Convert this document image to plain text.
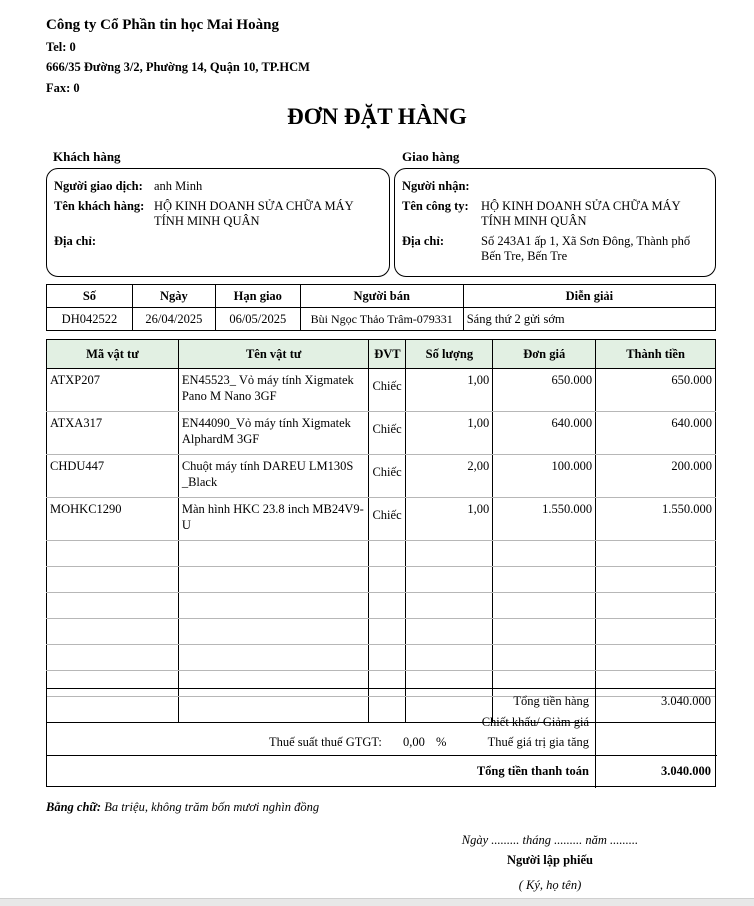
Công ty Cổ Phần tin học Mai Hoàng
Tel: 0
666/35 Đường 3/2, Phường 14, Quận 10, TP.HCM
Fax: 0
ĐƠN ĐẶT HÀNG
Khách hàng
Người giao dịch: anh Minh
Tên khách hàng: HỘ KINH DOANH SỬA CHỮA MÁY TÍNH MINH QUÂN
Địa chỉ:
Giao hàng
Người nhận:
Tên công ty: HỘ KINH DOANH SỬA CHỮA MÁY TÍNH MINH QUÂN
Địa chỉ:	Số 243A1 ấp 1, Xã Sơn Đông, Thành phố Bến Tre, Bến Tre
Số	Ngày	Hạn giao	Người bán	Diễn giải
DH042522	26/04/2025	06/05/2025	Bùi Ngọc Thảo Trâm-079331	Sáng thứ 2 gửi sớm
Mã vật tư	Tên vật tư	ĐVT	Số lượng	Đơn giá	Thành tiền
ATXP207	EN45523_ Vỏ máy tính Xigmatek Pano M Nano 3GF	Chiếc	1,00	650.000	650.000
ATXA317	EN44090_Vỏ máy tính Xigmatek AlphardM 3GF	Chiếc	1,00	640.000	640.000
CHDU447	Chuột máy tính DAREU LM130S _Black	Chiếc	2,00	100.000	200.000
MOHKC1290	Màn hình HKC 23.8 inch MB24V9-U	Chiếc	1,00	1.550.000	1.550.000

Tổng tiền hàng	3.040.000
Chiết khấu/ Giảm giá
Thuế suất thuế GTGT: 0,00 %	Thuế giá trị gia tăng
Tổng tiền thanh toán	3.040.000
Bằng chữ: Ba triệu, không trăm bốn mươi nghìn đồng
Ngày ......... tháng ......... năm .........
Người lập phiếu
( Ký, họ tên)
